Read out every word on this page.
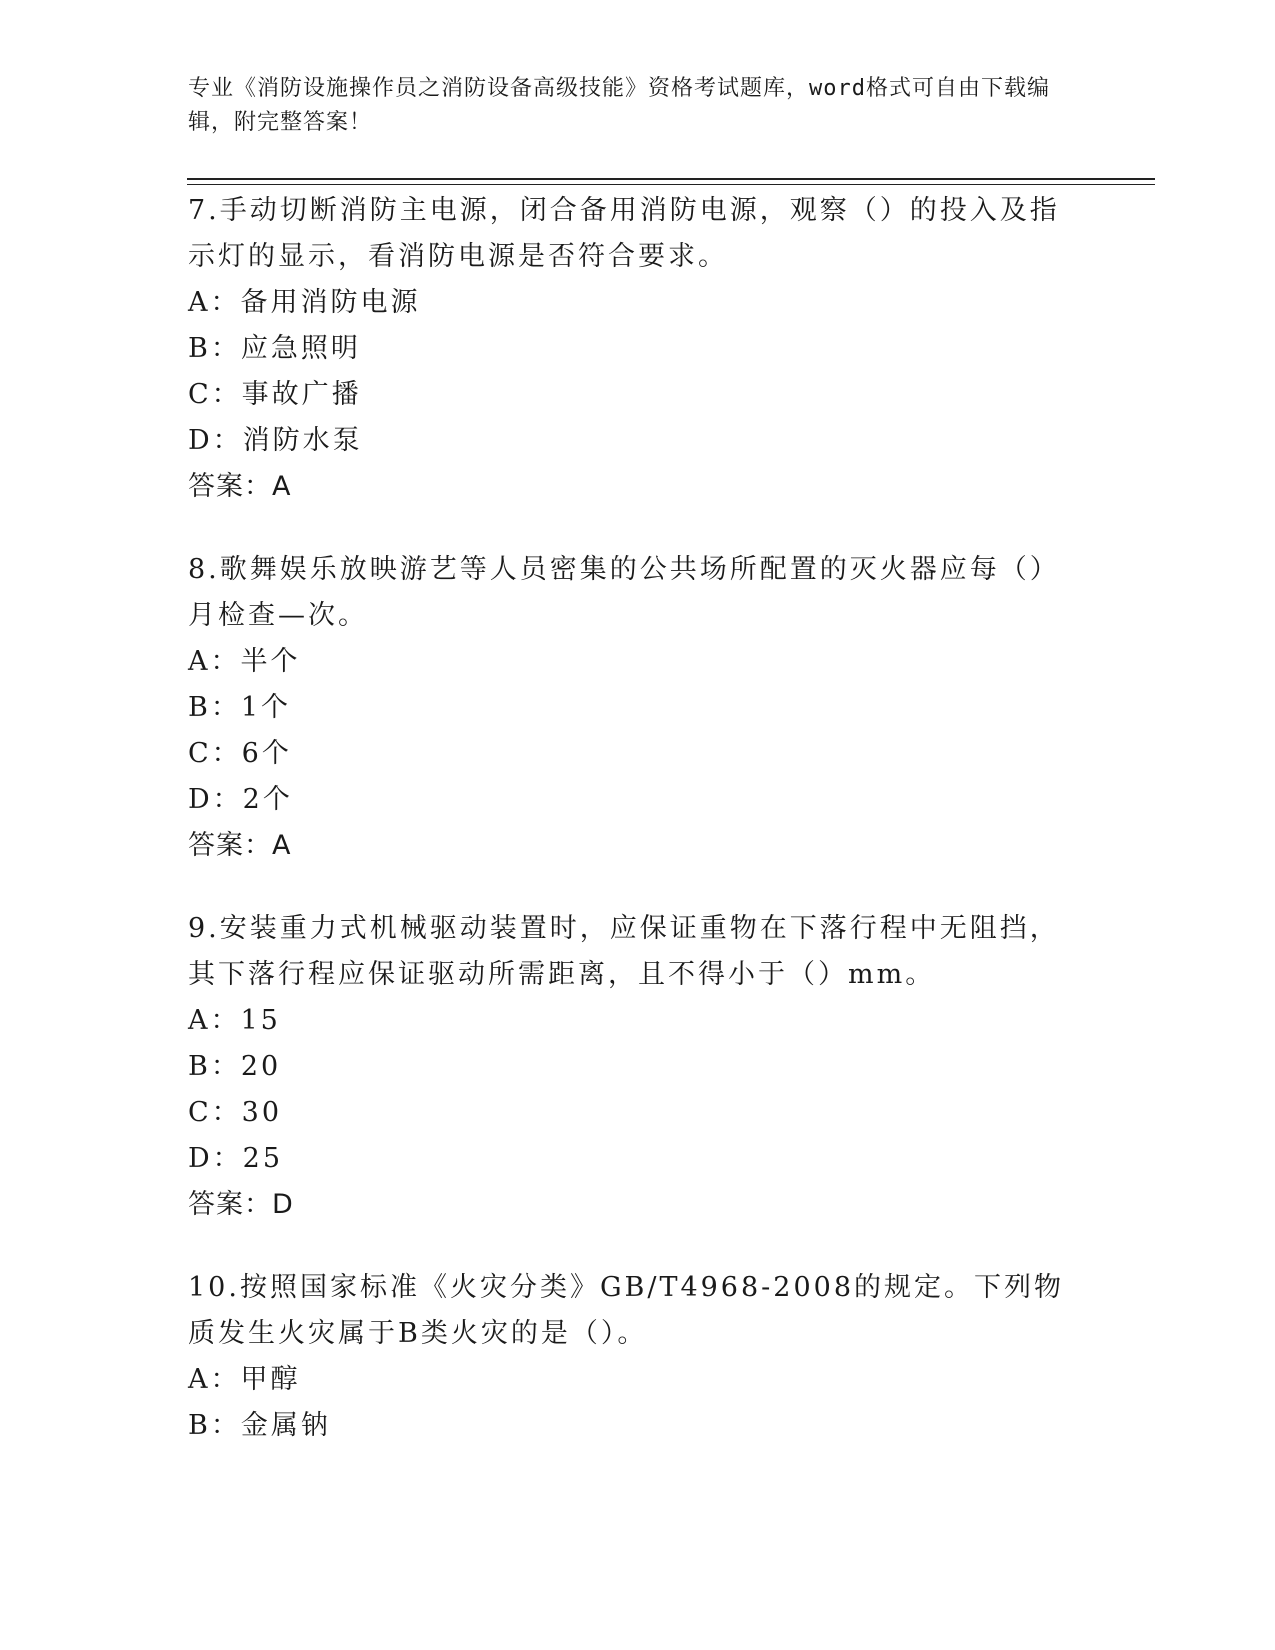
专业《消防设施操作员之消防设备高级技能》资格考试题库，word格式可自由下载编辑，附完整答案！

7.手动切断消防主电源，闭合备用消防电源，观察（）的投入及指示灯的显示，看消防电源是否符合要求。

A：备用消防电源

B：应急照明

C：事故广播

D：消防水泵

答案：A

8.歌舞娱乐放映游艺等人员密集的公共场所配置的灭火器应每（）月检查—次。

A：半个

B：1个

C：6个

D：2个

答案：A

9.安装重力式机械驱动装置时，应保证重物在下落行程中无阻挡，其下落行程应保证驱动所需距离，且不得小于（）mm。

A：15

B：20

C：30

D：25

答案：D

10.按照国家标准《火灾分类》GB/T4968-2008的规定。下列物质发生火灾属于B类火灾的是（）。

A：甲醇

B：金属钠
